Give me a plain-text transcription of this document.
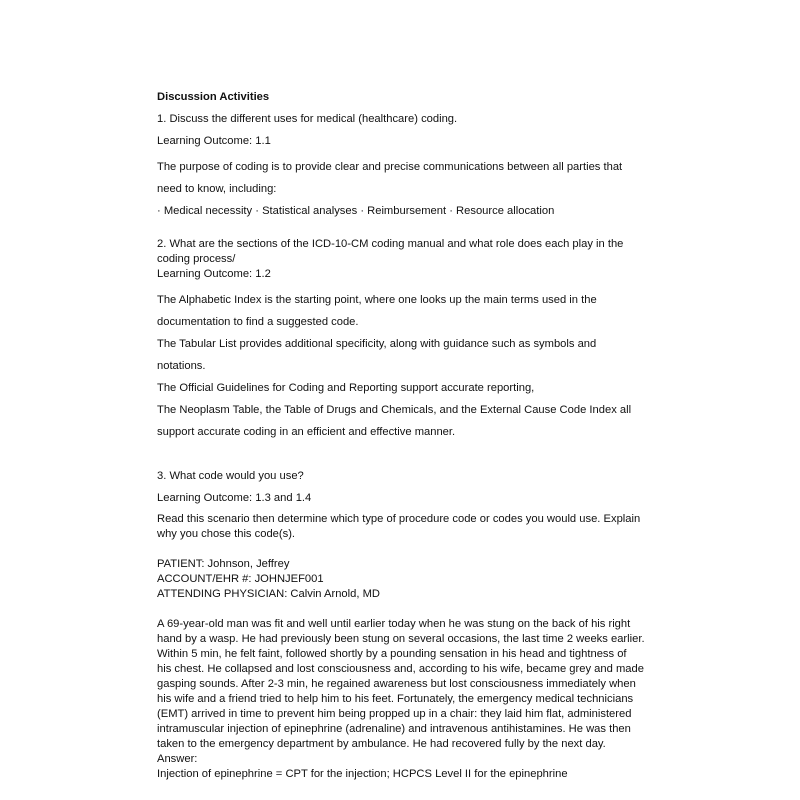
Discussion Activities
1. Discuss the different uses for medical (healthcare) coding.
Learning Outcome: 1.1
The purpose of coding is to provide clear and precise communications between all parties that
need to know, including:
· Medical necessity · Statistical analyses · Reimbursement · Resource allocation
2. What are the sections of the ICD-10-CM coding manual and what role does each play in the
coding process/
Learning Outcome: 1.2
The Alphabetic Index is the starting point, where one looks up the main terms used in the
documentation to find a suggested code.
The Tabular List provides additional specificity, along with guidance such as symbols and
notations.
The Official Guidelines for Coding and Reporting support accurate reporting,
The Neoplasm Table, the Table of Drugs and Chemicals, and the External Cause Code Index all
support accurate coding in an efficient and effective manner.
3. What code would you use?
Learning Outcome: 1.3 and 1.4
Read this scenario then determine which type of procedure code or codes you would use. Explain
why you chose this code(s).
PATIENT: Johnson, Jeffrey
ACCOUNT/EHR #: JOHNJEF001
ATTENDING PHYSICIAN: Calvin Arnold, MD
A 69-year-old man was fit and well until earlier today when he was stung on the back of his right
hand by a wasp. He had previously been stung on several occasions, the last time 2 weeks earlier.
Within 5 min, he felt faint, followed shortly by a pounding sensation in his head and tightness of
his chest. He collapsed and lost consciousness and, according to his wife, became grey and made
gasping sounds. After 2-3 min, he regained awareness but lost consciousness immediately when
his wife and a friend tried to help him to his feet. Fortunately, the emergency medical technicians
(EMT) arrived in time to prevent him being propped up in a chair: they laid him flat, administered
intramuscular injection of epinephrine (adrenaline) and intravenous antihistamines. He was then
taken to the emergency department by ambulance. He had recovered fully by the next day.
Answer:
Injection of epinephrine = CPT for the injection; HCPCS Level II for the epinephrine
